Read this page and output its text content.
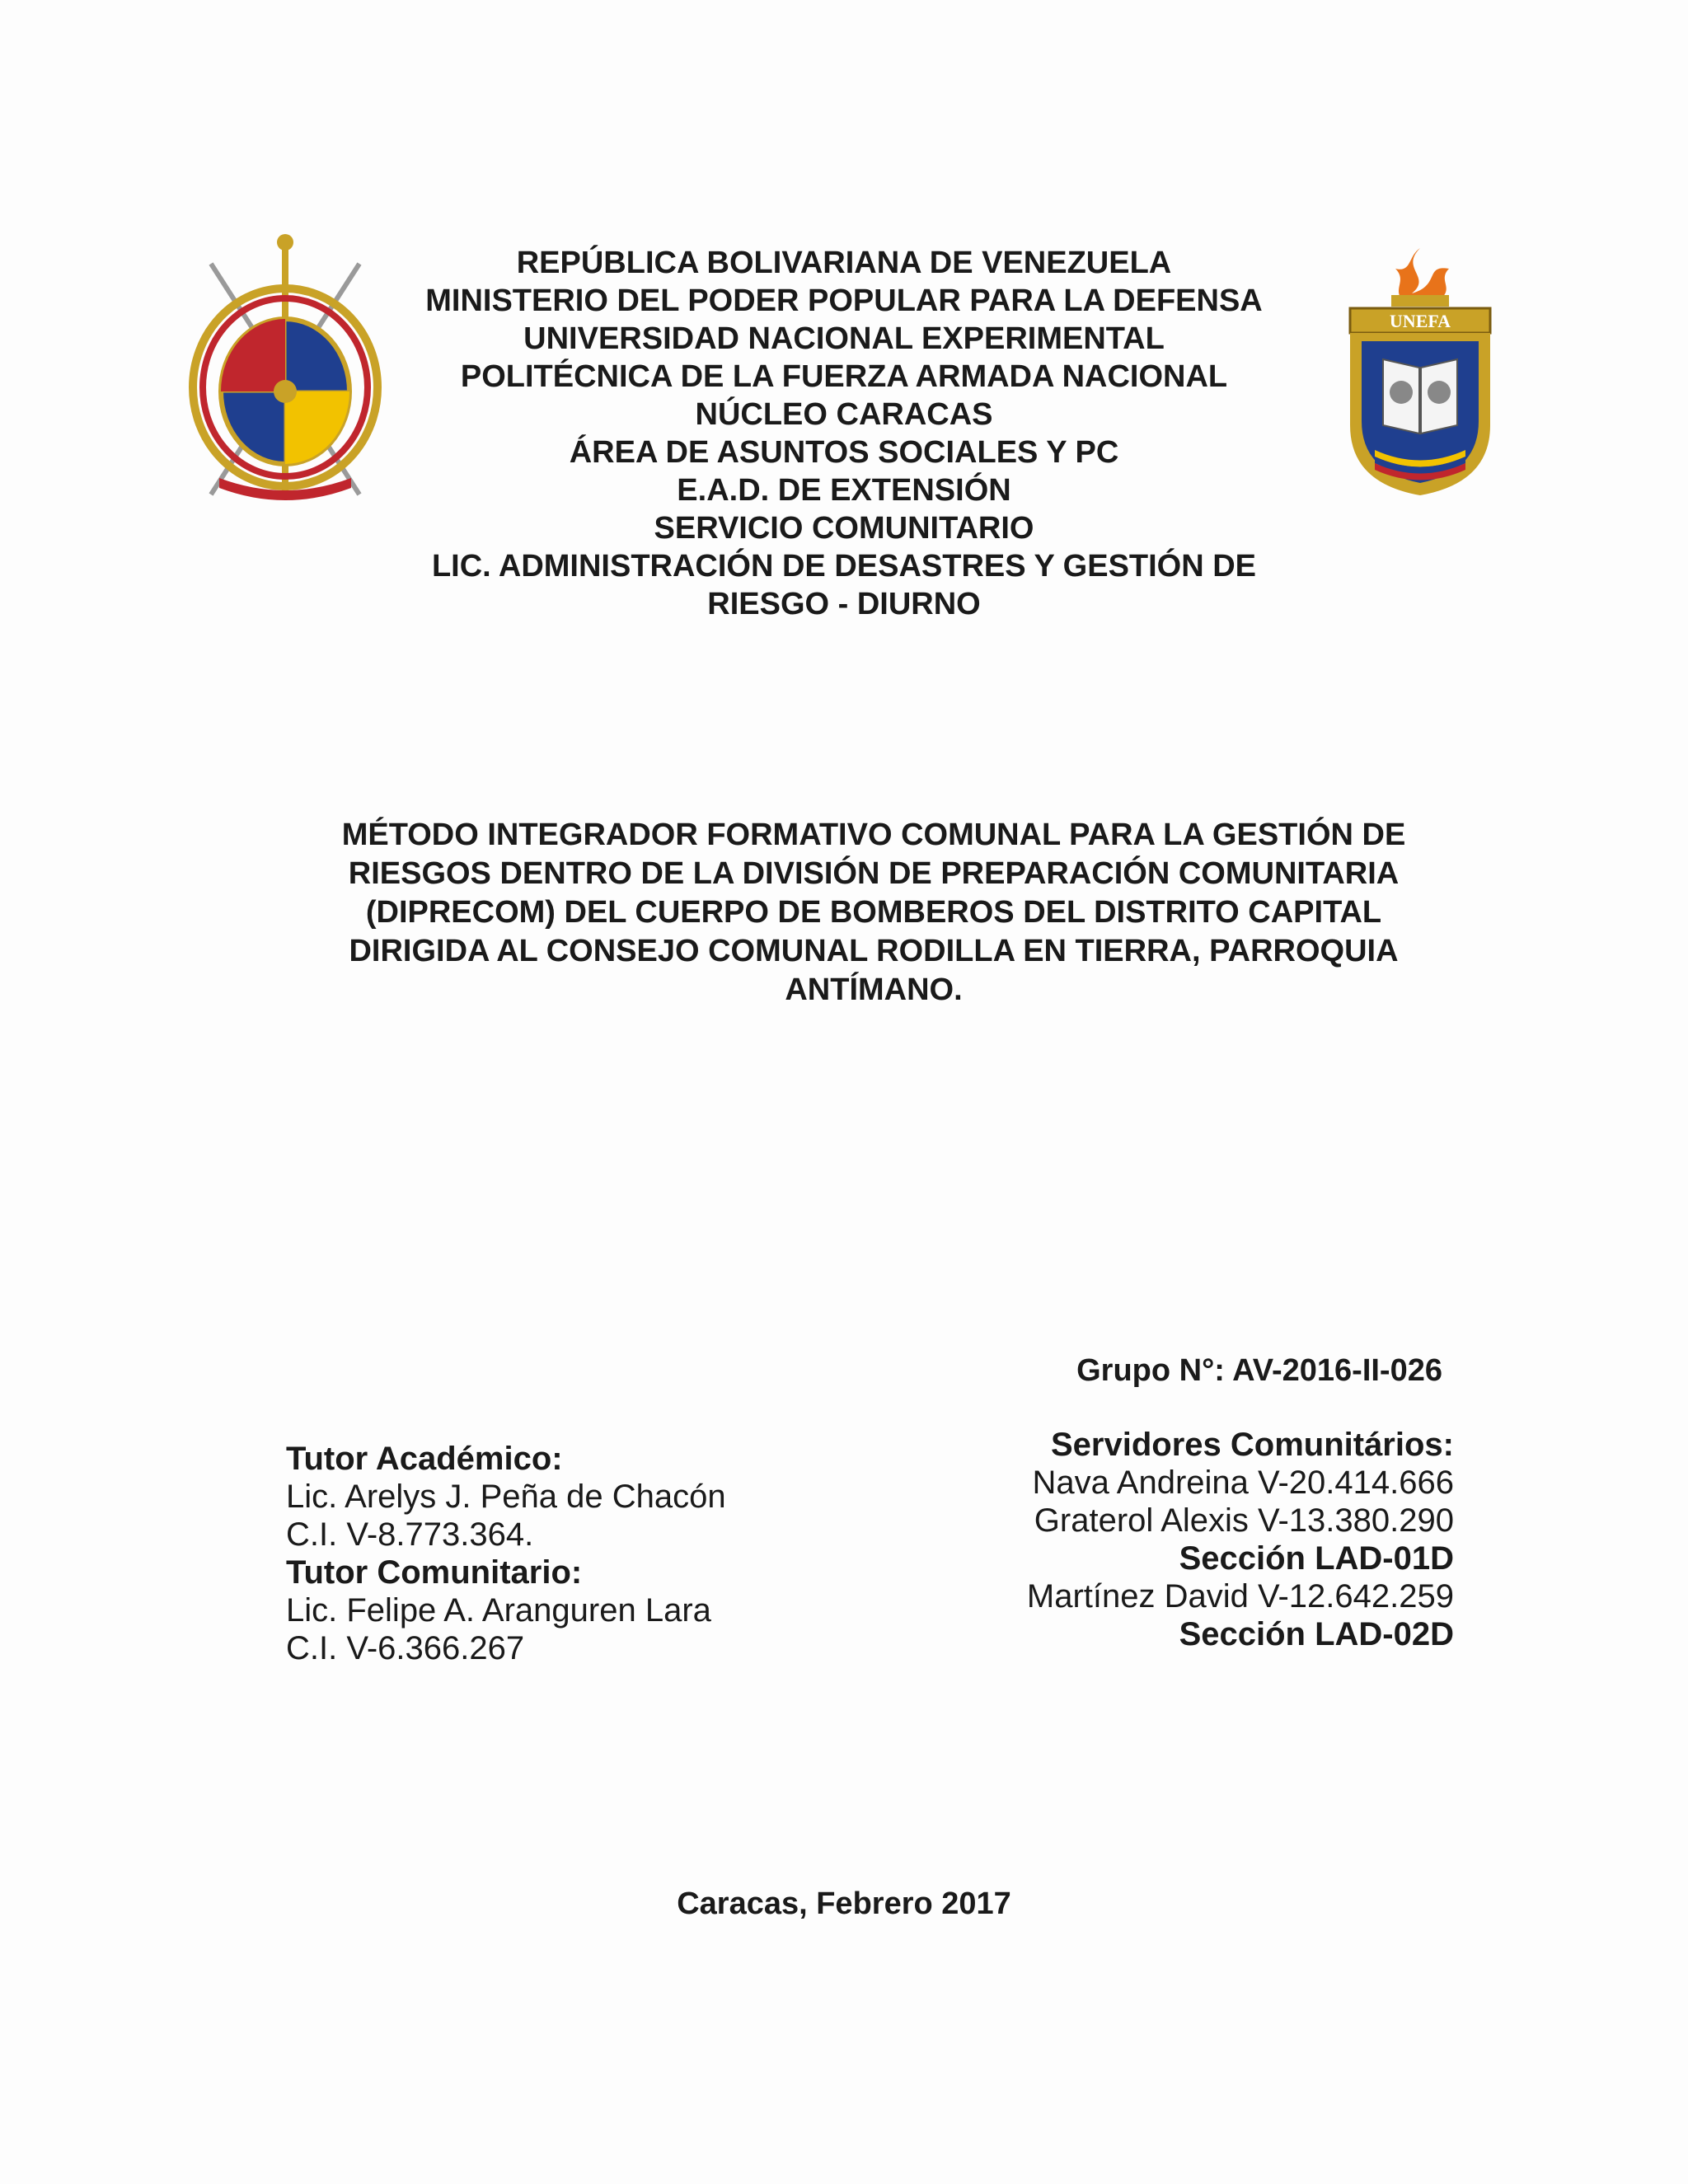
UNEFA
REPÚBLICA BOLIVARIANA DE VENEZUELA
MINISTERIO DEL PODER POPULAR PARA LA DEFENSA
UNIVERSIDAD NACIONAL EXPERIMENTAL
POLITÉCNICA DE LA FUERZA ARMADA NACIONAL
NÚCLEO CARACAS
ÁREA DE ASUNTOS SOCIALES Y PC
E.A.D. DE EXTENSIÓN
SERVICIO COMUNITARIO
LIC. ADMINISTRACIÓN DE DESASTRES Y GESTIÓN DE
RIESGO - DIURNO
MÉTODO INTEGRADOR FORMATIVO COMUNAL PARA LA GESTIÓN DE
RIESGOS DENTRO DE LA DIVISIÓN DE PREPARACIÓN COMUNITARIA
(DIPRECOM) DEL CUERPO DE BOMBEROS DEL DISTRITO CAPITAL
DIRIGIDA AL CONSEJO COMUNAL RODILLA EN TIERRA, PARROQUIA
ANTÍMANO.
Grupo N°: AV-2016-II-026
Tutor Académico:
Lic. Arelys J. Peña de Chacón
C.I. V-8.773.364.
Tutor Comunitario:
Lic. Felipe A. Aranguren Lara
C.I. V-6.366.267
Servidores Comunitários:
Nava Andreina V-20.414.666
Graterol Alexis V-13.380.290
Sección LAD-01D
Martínez David V-12.642.259
Sección LAD-02D
Caracas, Febrero 2017
